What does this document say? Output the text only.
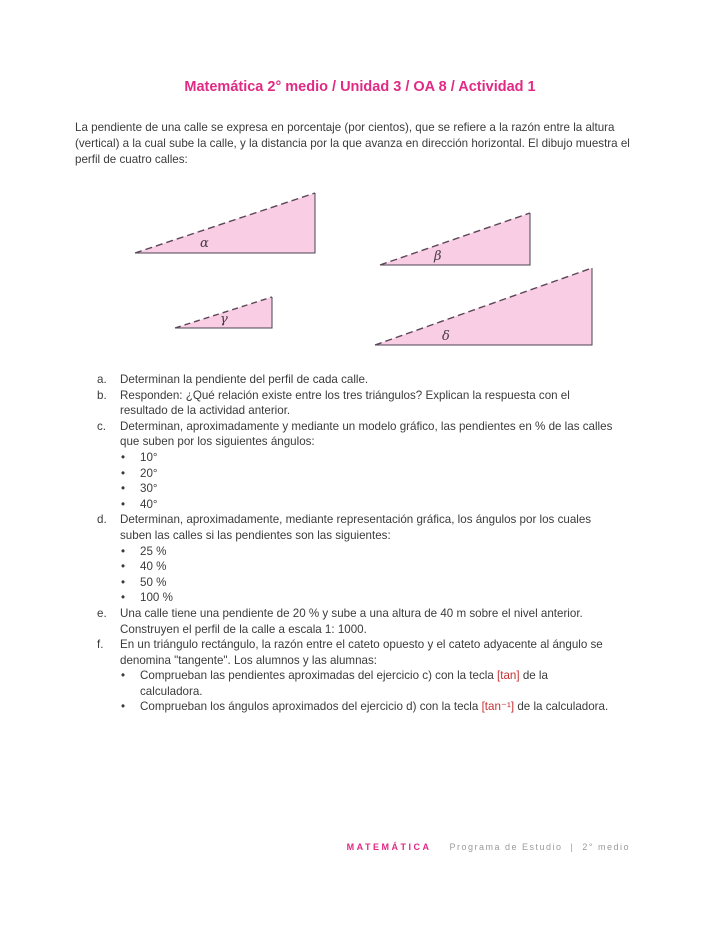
Matemática 2° medio / Unidad 3 / OA 8 / Actividad 1

La pendiente de una calle se expresa en porcentaje (por cientos), que se refiere a la razón entre la altura (vertical) a la cual sube la calle, y la distancia por la que avanza en dirección horizontal. El dibujo muestra el perfil de cuatro calles:

α
β
γ
δ
a.	Determinan la pendiente del perfil de cada calle.
b.	Responden: ¿Qué relación existe entre los tres triángulos? Explican la respuesta con el resultado de la actividad anterior.
c.	Determinan, aproximadamente y mediante un modelo gráfico, las pendientes en % de las calles que suben por los siguientes ángulos:
•	10°
•	20°
•	30°
•	40°
d.	Determinan, aproximadamente, mediante representación gráfica, los ángulos por los cuales suben las calles si las pendientes son las siguientes:
•	25 %
•	40 %
•	50 %
•	100 %
e.	Una calle tiene una pendiente de 20 % y sube a una altura de 40 m sobre el nivel anterior. Construyen el perfil de la calle a escala 1: 1000.
f.	En un triángulo rectángulo, la razón entre el cateto opuesto y el cateto adyacente al ángulo se denomina "tangente". Los alumnos y las alumnas:
•	Comprueban las pendientes aproximadas del ejercicio c) con la tecla [tan] de la calculadora.
•	Comprueban los ángulos aproximados del ejercicio d) con la tecla [tan⁻¹] de la calculadora.
MATEMÁTICA Programa de Estudio | 2° medio
